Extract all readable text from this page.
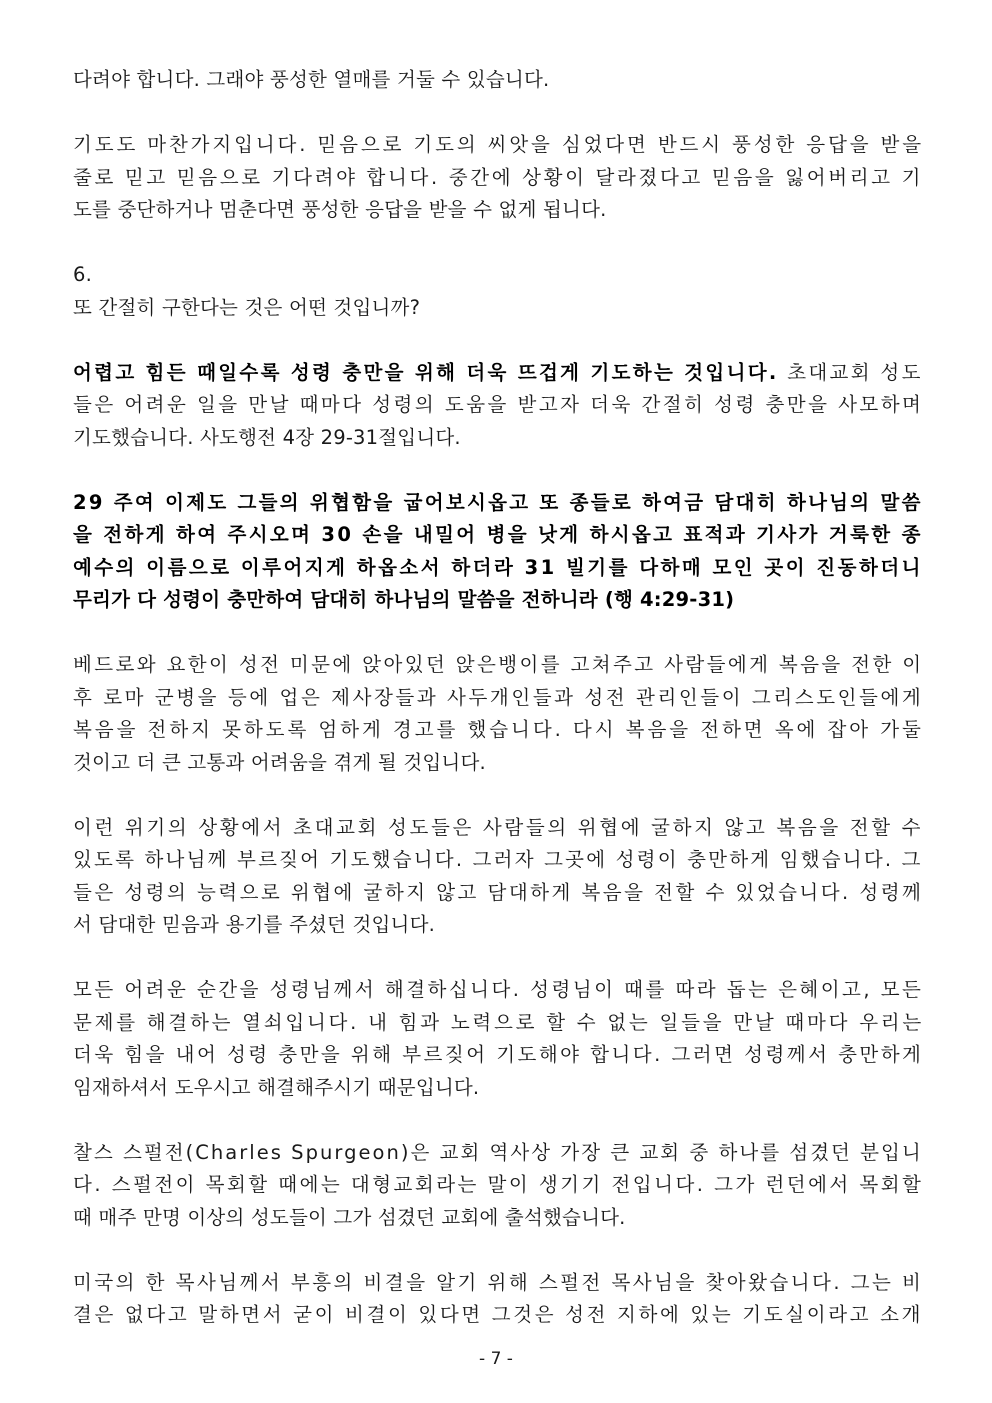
다려야 합니다. 그래야 풍성한 열매를 거둘 수 있습니다.
기도도 마찬가지입니다. 믿음으로 기도의 씨앗을 심었다면 반드시 풍성한 응답을 받을
줄로 믿고 믿음으로 기다려야 합니다. 중간에 상황이 달라졌다고 믿음을 잃어버리고 기
도를 중단하거나 멈춘다면 풍성한 응답을 받을 수 없게 됩니다.
6.
또 간절히 구한다는 것은 어떤 것입니까?
어렵고 힘든 때일수록 성령 충만을 위해 더욱 뜨겁게 기도하는 것입니다. 초대교회 성도
들은 어려운 일을 만날 때마다 성령의 도움을 받고자 더욱 간절히 성령 충만을 사모하며
기도했습니다. 사도행전 4장 29-31절입니다.
29 주여 이제도 그들의 위협함을 굽어보시옵고 또 종들로 하여금 담대히 하나님의 말씀
을 전하게 하여 주시오며 30 손을 내밀어 병을 낫게 하시옵고 표적과 기사가 거룩한 종
예수의 이름으로 이루어지게 하옵소서 하더라 31 빌기를 다하매 모인 곳이 진동하더니
무리가 다 성령이 충만하여 담대히 하나님의 말씀을 전하니라 (행 4:29-31)
베드로와 요한이 성전 미문에 앉아있던 앉은뱅이를 고쳐주고 사람들에게 복음을 전한 이
후 로마 군병을 등에 업은 제사장들과 사두개인들과 성전 관리인들이 그리스도인들에게
복음을 전하지 못하도록 엄하게 경고를 했습니다. 다시 복음을 전하면 옥에 잡아 가둘
것이고 더 큰 고통과 어려움을 겪게 될 것입니다.
이런 위기의 상황에서 초대교회 성도들은 사람들의 위협에 굴하지 않고 복음을 전할 수
있도록 하나님께 부르짖어 기도했습니다. 그러자 그곳에 성령이 충만하게 임했습니다. 그
들은 성령의 능력으로 위협에 굴하지 않고 담대하게 복음을 전할 수 있었습니다. 성령께
서 담대한 믿음과 용기를 주셨던 것입니다.
모든 어려운 순간을 성령님께서 해결하십니다. 성령님이 때를 따라 돕는 은혜이고, 모든
문제를 해결하는 열쇠입니다. 내 힘과 노력으로 할 수 없는 일들을 만날 때마다 우리는
더욱 힘을 내어 성령 충만을 위해 부르짖어 기도해야 합니다. 그러면 성령께서 충만하게
임재하셔서 도우시고 해결해주시기 때문입니다.
찰스 스펄전(Charles Spurgeon)은 교회 역사상 가장 큰 교회 중 하나를 섬겼던 분입니
다. 스펄전이 목회할 때에는 대형교회라는 말이 생기기 전입니다. 그가 런던에서 목회할
때 매주 만명 이상의 성도들이 그가 섬겼던 교회에 출석했습니다.
미국의 한 목사님께서 부흥의 비결을 알기 위해 스펄전 목사님을 찾아왔습니다. 그는 비
결은 없다고 말하면서 굳이 비결이 있다면 그것은 성전 지하에 있는 기도실이라고 소개
- 7 -
